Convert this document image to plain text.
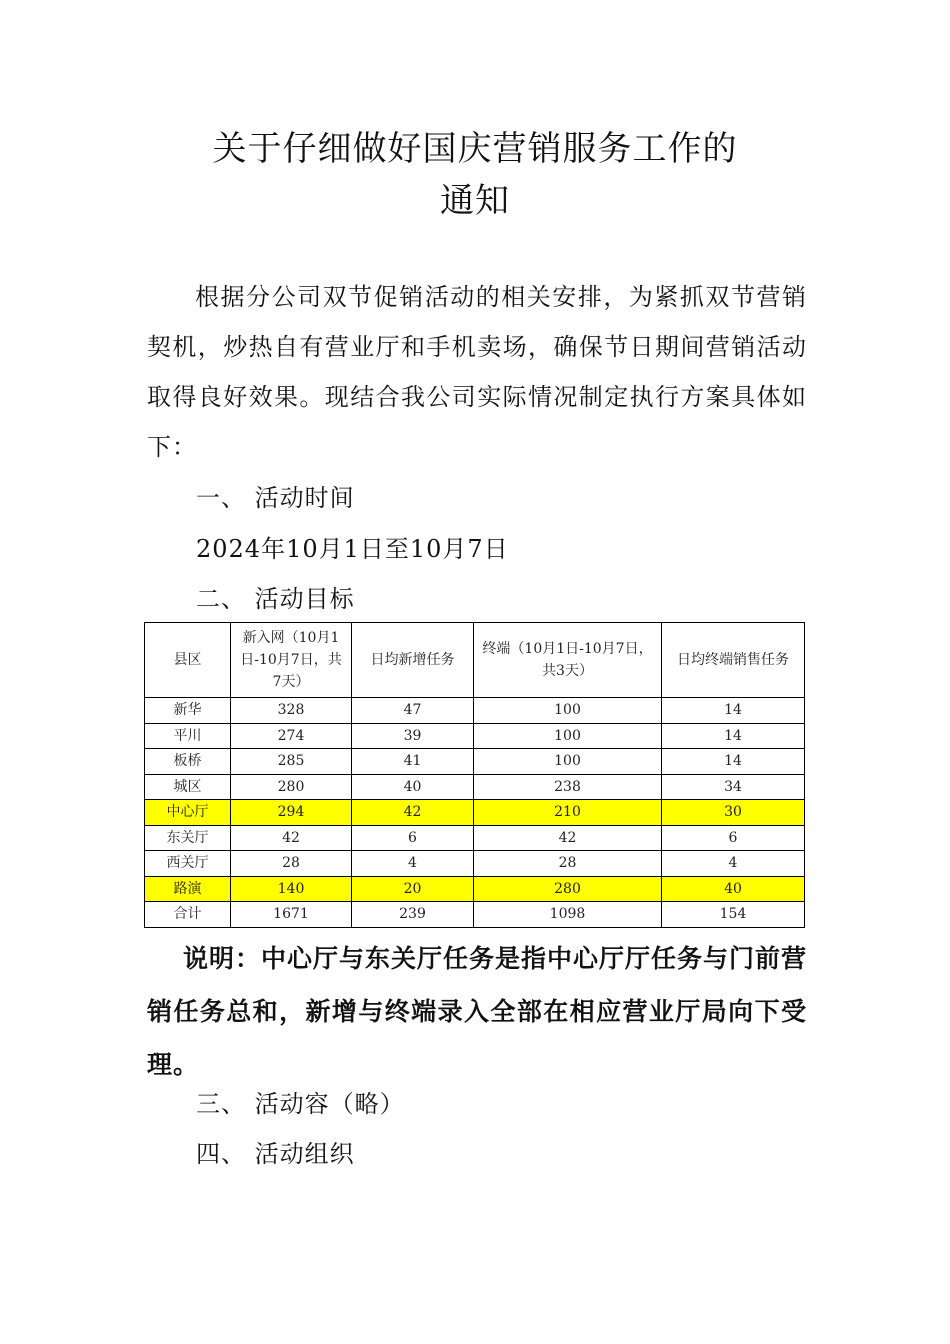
关于仔细做好国庆营销服务工作的
通知
根据分公司双节促销活动的相关安排，为紧抓双节营销契机，炒热自有营业厅和手机卖场，确保节日期间营销活动取得良好效果。现结合我公司实际情况制定执行方案具体如下：
一、 活动时间
2024年10月1日至10月7日
二、 活动目标
县区	新入网（10月1日-10月7日，共7天）	日均新增任务	终端（10月1日-10月7日，共3天）	日均终端销售任务
新华	328	47	100	14
平川	274	39	100	14
板桥	285	41	100	14
城区	280	40	238	34
中心厅	294	42	210	30
东关厅	42	6	42	6
西关厅	28	4	28	4
路演	140	20	280	40
合计	1671	239	1098	154
说明：中心厅与东关厅任务是指中心厅厅任务与门前营销任务总和，新增与终端录入全部在相应营业厅局向下受理。
三、 活动容（略）
四、 活动组织
